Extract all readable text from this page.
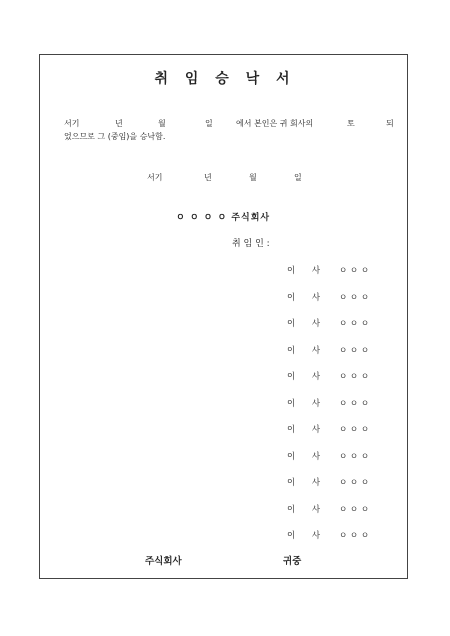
취 임 승 낙 서
서기	년	월	일	에서 본인은 귀 회사의	토	되
었으므로 그 (중임)을 승낙함.
서기	년	월	일
ㅇ ㅇ ㅇ ㅇ 주식회사
취 임 인 :
이 사 ㅇ ㅇ ㅇ
이 사 ㅇ ㅇ ㅇ
이 사 ㅇ ㅇ ㅇ
이 사 ㅇ ㅇ ㅇ
이 사 ㅇ ㅇ ㅇ
이 사 ㅇ ㅇ ㅇ
이 사 ㅇ ㅇ ㅇ
이 사 ㅇ ㅇ ㅇ
이 사 ㅇ ㅇ ㅇ
이 사 ㅇ ㅇ ㅇ
이 사 ㅇ ㅇ ㅇ
주식회사	귀중
